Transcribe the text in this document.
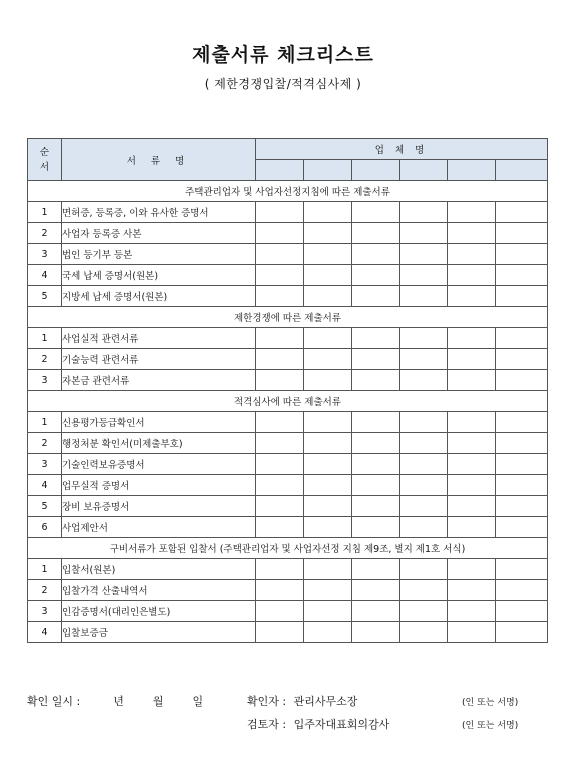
제출서류 체크리스트
( 제한경쟁입찰/적격심사제 )
순
서	서 류 명	업 체 명					

주택관리업자 및 사업자선정지침에 따른 제출서류							
1	면허증, 등록증, 이와 유사한 증명서						
2	사업자 등록증 사본						
3	법인 등기부 등본						
4	국세 납세 증명서(원본)						
5	지방세 납세 증명서(원본)						
제한경쟁에 따른 제출서류							
1	사업실적 관련서류						
2	기술능력 관련서류						
3	자본금 관련서류						
적격심사에 따른 제출서류							
1	신용평가등급확인서						
2	행정처분 확인서(미제출부호)						
3	기술인력보유증명서						
4	업무실적 증명서						
5	장비 보유증명서						
6	사업제안서						
구비서류가 포함된 입찰서 (주택관리업자 및 사업자선정 지침 제9조, 별지 제1호 서식)							
1	입찰서(원본)						
2	입찰가격 산출내역서						
3	인감증명서(대리인은별도)						
4	입찰보증금						
확인 일시 :	년	월	일	확인자 : 관리사무소장	(인 또는 서명)
검토자 : 입주자대표회의감사	(인 또는 서명)
